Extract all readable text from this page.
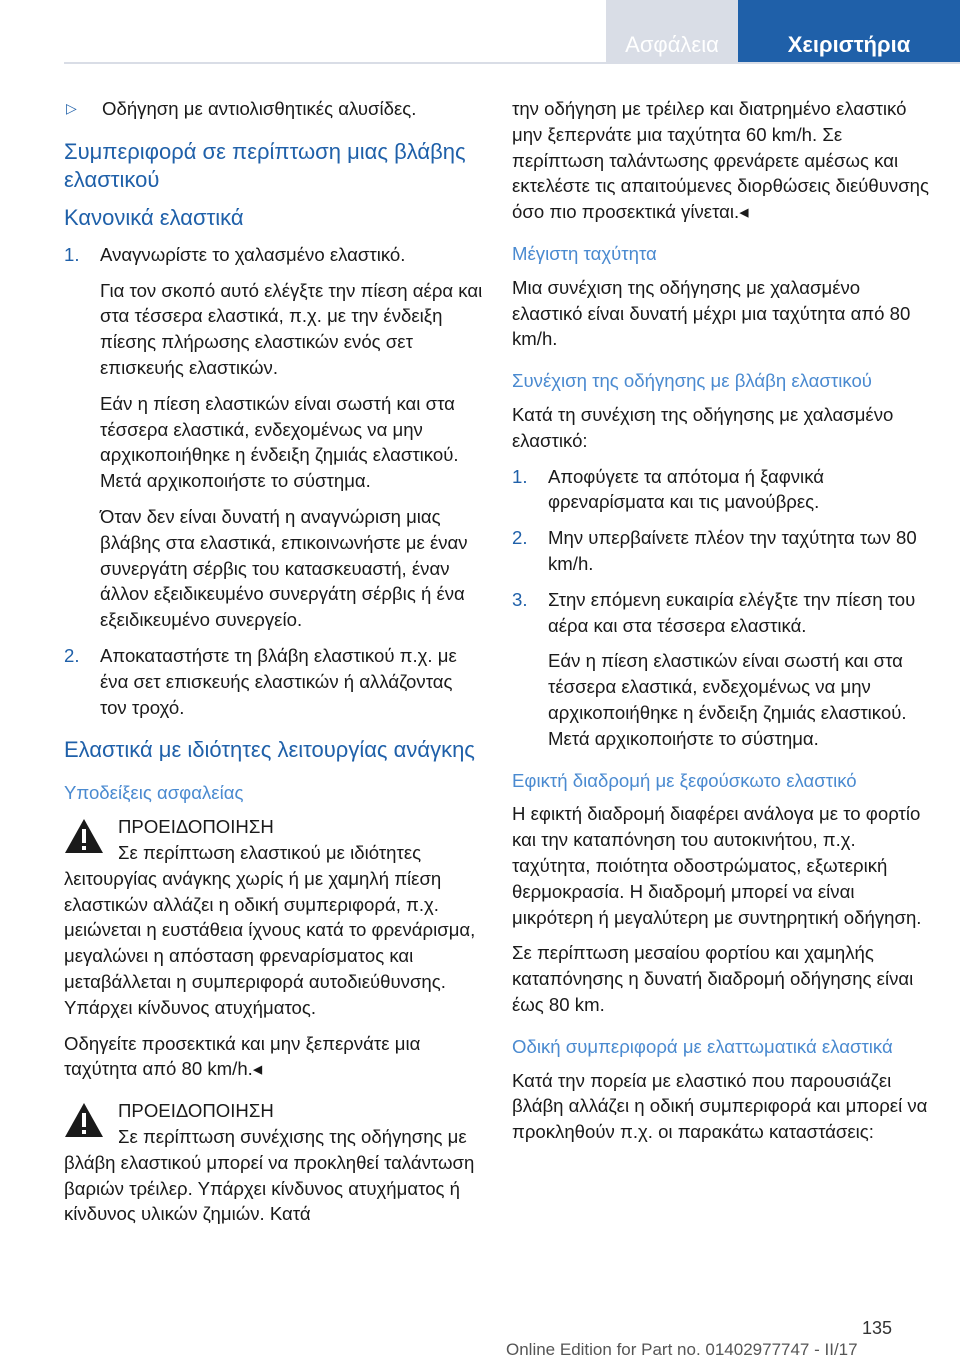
Ασφάλεια	Χειριστήρια
▷	Οδήγηση με αντιολισθητικές αλυσίδες.
Συμπεριφορά σε περίπτωση μιας βλάβης ελαστικού
Κανονικά ελαστικά
1.	Αναγνωρίστε το χαλασμένο ελαστικό.
Για τον σκοπό αυτό ελέγξτε την πίεση αέρα και στα τέσσερα ελαστικά, π.χ. με την ένδειξη πίεσης πλήρωσης ελαστικών ενός σετ επισκευής ελαστικών.
Εάν η πίεση ελαστικών είναι σωστή και στα τέσσερα ελαστικά, ενδεχομένως να μην αρχικοποιήθηκε η ένδειξη ζημιάς ελαστικού. Μετά αρχικοποιήστε το σύστημα.
Όταν δεν είναι δυνατή η αναγνώριση μιας βλάβης στα ελαστικά, επικοινωνήστε με έναν συνεργάτη σέρβις του κατασκευαστή, έναν άλλον εξειδικευμένο συνεργάτη σέρβις ή ένα εξειδικευμένο συνεργείο.
2.	Αποκαταστήστε τη βλάβη ελαστικού π.χ. με ένα σετ επισκευής ελαστικών ή αλλάζοντας τον τροχό.
Ελαστικά με ιδιότητες λειτουργίας ανάγκης
Υποδείξεις ασφαλείας
ΠΡΟΕΙΔΟΠΟΙΗΣΗ
Σε περίπτωση ελαστικού με ιδιότητες λειτουργίας ανάγκης χωρίς ή με χαμηλή πίεση ελαστικών αλλάζει η οδική συμπεριφορά, π.χ. μειώνεται η ευστάθεια ίχνους κατά το φρενάρισμα, μεγαλώνει η απόσταση φρεναρίσματος και μεταβάλλεται η συμπεριφορά αυτοδιεύθυνσης. Υπάρχει κίνδυνος ατυχήματος.
Οδηγείτε προσεκτικά και μην ξεπερνάτε μια ταχύτητα από 80 km/h.◂
ΠΡΟΕΙΔΟΠΟΙΗΣΗ
Σε περίπτωση συνέχισης της οδήγησης με βλάβη ελαστικού μπορεί να προκληθεί ταλάντωση βαριών τρέιλερ. Υπάρχει κίνδυνος ατυχήματος ή κίνδυνος υλικών ζημιών. Κατά
την οδήγηση με τρέιλερ και διατρημένο ελαστικό μην ξεπερνάτε μια ταχύτητα 60 km/h. Σε περίπτωση ταλάντωσης φρενάρετε αμέσως και εκτελέστε τις απαιτούμενες διορθώσεις διεύθυνσης όσο πιο προσεκτικά γίνεται.◂
Μέγιστη ταχύτητα
Μια συνέχιση της οδήγησης με χαλασμένο ελαστικό είναι δυνατή μέχρι μια ταχύτητα από 80 km/h.
Συνέχιση της οδήγησης με βλάβη ελαστικού
Κατά τη συνέχιση της οδήγησης με χαλασμένο ελαστικό:
1.	Αποφύγετε τα απότομα ή ξαφνικά φρεναρίσματα και τις μανούβρες.
2.	Μην υπερβαίνετε πλέον την ταχύτητα των 80 km/h.
3.	Στην επόμενη ευκαιρία ελέγξτε την πίεση του αέρα και στα τέσσερα ελαστικά.
Εάν η πίεση ελαστικών είναι σωστή και στα τέσσερα ελαστικά, ενδεχομένως να μην αρχικοποιήθηκε η ένδειξη ζημιάς ελαστικού. Μετά αρχικοποιήστε το σύστημα.
Εφικτή διαδρομή με ξεφούσκωτο ελαστικό
Η εφικτή διαδρομή διαφέρει ανάλογα με το φορτίο και την καταπόνηση του αυτοκινήτου, π.χ. ταχύτητα, ποιότητα οδοστρώματος, εξωτερική θερμοκρασία. Η διαδρομή μπορεί να είναι μικρότερη ή μεγαλύτερη με συντηρητική οδήγηση.
Σε περίπτωση μεσαίου φορτίου και χαμηλής καταπόνησης η δυνατή διαδρομή οδήγησης είναι έως 80 km.
Οδική συμπεριφορά με ελαττωματικά ελαστικά
Κατά την πορεία με ελαστικό που παρουσιάζει βλάβη αλλάζει η οδική συμπεριφορά και μπορεί να προκληθούν π.χ. οι παρακάτω καταστάσεις:
135
Online Edition for Part no. 01402977747 - II/17
